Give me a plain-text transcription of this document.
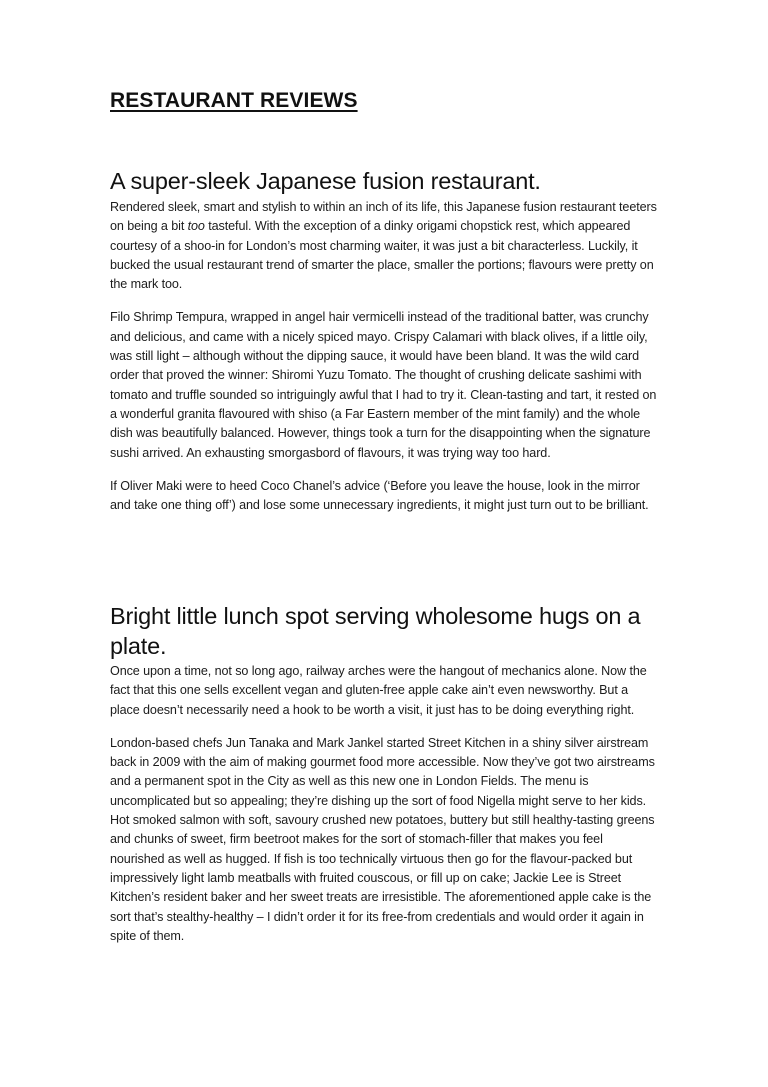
RESTAURANT REVIEWS
A super-sleek Japanese fusion restaurant.

Rendered sleek, smart and stylish to within an inch of its life, this Japanese fusion restaurant teeters on being a bit too tasteful. With the exception of a dinky origami chopstick rest, which appeared courtesy of a shoo-in for London’s most charming waiter, it was just a bit characterless. Luckily, it bucked the usual restaurant trend of smarter the place, smaller the portions; flavours were pretty on the mark too.

Filo Shrimp Tempura, wrapped in angel hair vermicelli instead of the traditional batter, was crunchy and delicious, and came with a nicely spiced mayo. Crispy Calamari with black olives, if a little oily, was still light – although without the dipping sauce, it would have been bland. It was the wild card order that proved the winner: Shiromi Yuzu Tomato. The thought of crushing delicate sashimi with tomato and truffle sounded so intriguingly awful that I had to try it. Clean-tasting and tart, it rested on a wonderful granita flavoured with shiso (a Far Eastern member of the mint family) and the whole dish was beautifully balanced. However, things took a turn for the disappointing when the signature sushi arrived. An exhausting smorgasbord of flavours, it was trying way too hard.

If Oliver Maki were to heed Coco Chanel’s advice (‘Before you leave the house, look in the mirror and take one thing off’) and lose some unnecessary ingredients, it might just turn out to be brilliant.

Bright little lunch spot serving wholesome hugs on a plate.

Once upon a time, not so long ago, railway arches were the hangout of mechanics alone. Now the fact that this one sells excellent vegan and gluten-free apple cake ain’t even newsworthy. But a place doesn’t necessarily need a hook to be worth a visit, it just has to be doing everything right.

London-based chefs Jun Tanaka and Mark Jankel started Street Kitchen in a shiny silver airstream back in 2009 with the aim of making gourmet food more accessible. Now they’ve got two airstreams and a permanent spot in the City as well as this new one in London Fields. The menu is uncomplicated but so appealing; they’re dishing up the sort of food Nigella might serve to her kids. Hot smoked salmon with soft, savoury crushed new potatoes, buttery but still healthy-tasting greens and chunks of sweet, firm beetroot makes for the sort of stomach-filler that makes you feel nourished as well as hugged. If fish is too technically virtuous then go for the flavour-packed but impressively light lamb meatballs with fruited couscous, or fill up on cake; Jackie Lee is Street Kitchen’s resident baker and her sweet treats are irresistible. The aforementioned apple cake is the sort that’s stealthy-healthy – I didn’t order it for its free-from credentials and would order it again in spite of them.
